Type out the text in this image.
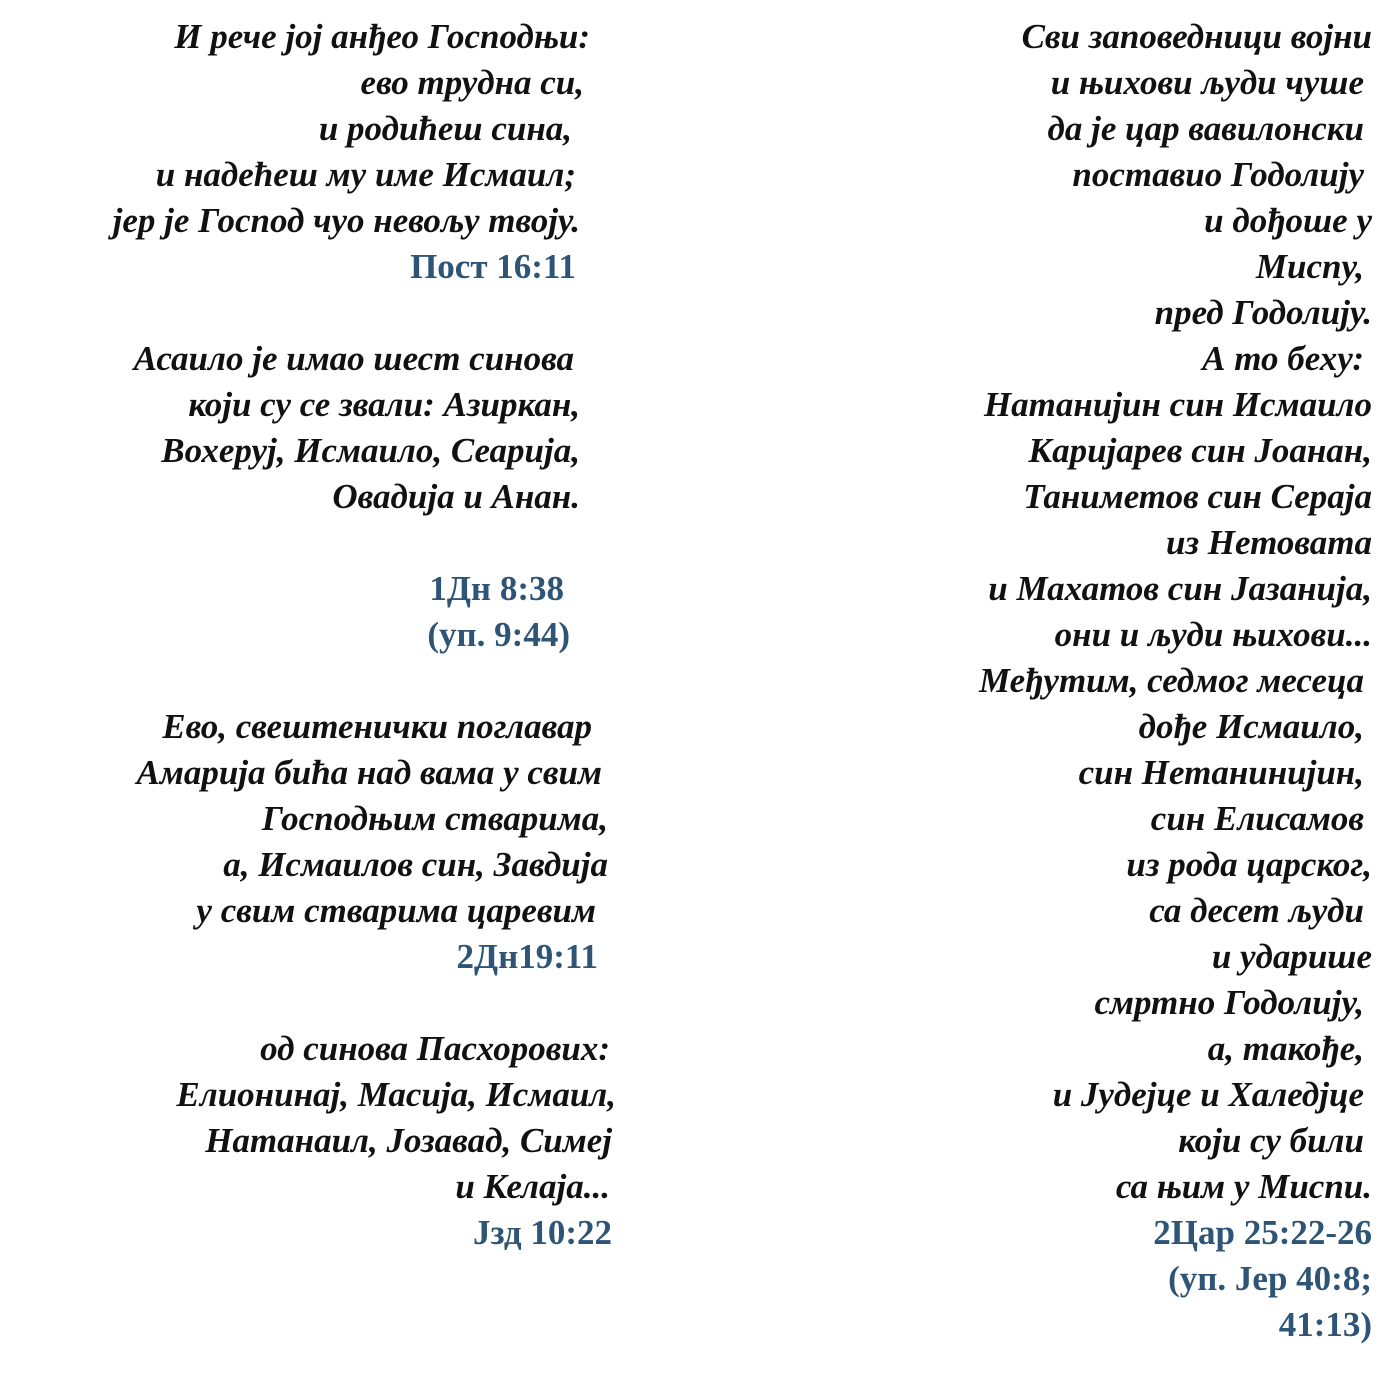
И рече јој анђео Господњи:
ево трудна си,
и родићеш сина,
и надећеш му име Исмаил;
јер је Господ чуо невољу твоју.
Пост 16:11
Асаило је имао шест синова
који су се звали: Азиркан,
Вохеруј, Исмаило, Сеарија,
Овадија и Анан.
1Дн 8:38
(уп. 9:44)
Ево, свештенички поглавар
Амарија бића над вама у свим
Господњим стварима,
а, Исмаилов син, Завдија
у свим стварима царевим
2Дн19:11
од синова Пасхорових:
Елионинај, Масија, Исмаил,
Натанаил, Јозавад, Симеј
и Келаја...
Јзд 10:22
Сви заповедници војни
и њихови људи чуше
да је цар вавилонски
поставио Годолију
и дођоше у
Миспу,
пред Годолију.
А то беху:
Натанијин син Исмаило
Каријарев син Јоанан,
Таниметов син Сераја
из Нетовата
и Махатов син Јазанија,
они и људи њихови...
Међутим, седмог месеца
дође Исмаило,
син Нетанинијин,
син Елисамов
из рода царског,
са десет људи
и ударише
смртно Годолију,
а, такође,
и Јудејце и Халедјце
који су били
са њим у Миспи.
2Цар 25:22-26
(уп. Јер 40:8;
41:13)
